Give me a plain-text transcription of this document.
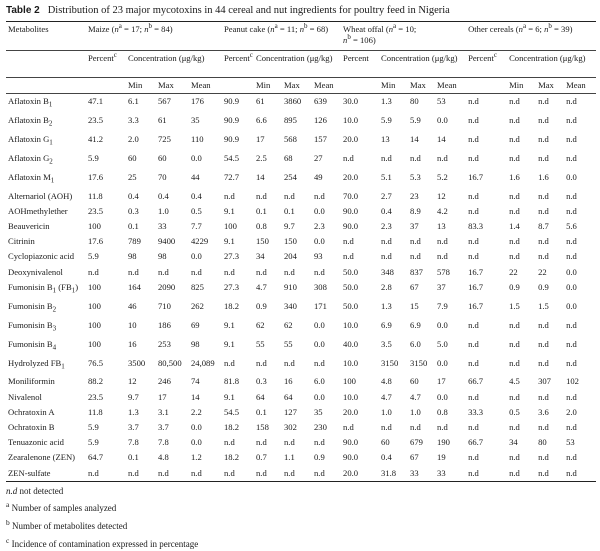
Table 2 Distribution of 23 major mycotoxins in 44 cereal and nut ingredients for poultry feed in Nigeria
Metabolites	Maize ($n^a = 17$; $n^b = 84$)				Peanut cake ($n^a = 11$; $n^b = 68$)				Wheat offal ($n^a = 10$;
$n^b = 106$)				Other cereals ($n^a = 6$; $n^b = 39$)			
	Percent$^c$	Concentration (μg/kg)			Percent$^c$	Concentration (μg/kg)			Percent	Concentration (μg/kg)			Percent$^c$	Concentration (μg/kg)		
		Min	Max	Mean		Min	Max	Mean		Min	Max	Mean		Min	Max	Mean
Aflatoxin $B_1$	47.1	6.1	567	176	90.9	61	3860	639	30.0	1.3	80	53	n.d	n.d	n.d	n.d
Aflatoxin $B_2$	23.5	3.3	61	35	90.9	6.6	895	126	10.0	5.9	5.9	0.0	n.d	n.d	n.d	n.d
Aflatoxin $G_1$	41.2	2.0	725	110	90.9	17	568	157	20.0	13	14	14	n.d	n.d	n.d	n.d
Aflatoxin $G_2$	5.9	60	60	0.0	54.5	2.5	68	27	n.d	n.d	n.d	n.d	n.d	n.d	n.d	n.d
Aflatoxin $M_1$	17.6	25	70	44	72.7	14	254	49	20.0	5.1	5.3	5.2	16.7	1.6	1.6	0.0
Alternariol (AOH)	11.8	0.4	0.4	0.4	n.d	n.d	n.d	n.d	70.0	2.7	23	12	n.d	n.d	n.d	n.d
AOHmethylether	23.5	0.3	1.0	0.5	9.1	0.1	0.1	0.0	90.0	0.4	8.9	4.2	n.d	n.d	n.d	n.d
Beauvericin	100	0.1	33	7.7	100	0.8	9.7	2.3	90.0	2.3	37	13	83.3	1.4	8.7	5.6
Citrinin	17.6	789	9400	4229	9.1	150	150	0.0	n.d	n.d	n.d	n.d	n.d	n.d	n.d	n.d
Cyclopiazonic acid	5.9	98	98	0.0	27.3	34	204	93	n.d	n.d	n.d	n.d	n.d	n.d	n.d	n.d
Deoxynivalenol	n.d	n.d	n.d	n.d	n.d	n.d	n.d	n.d	50.0	348	837	578	16.7	22	22	0.0
Fumonisin $B_1$ $(FB_1)$	100	164	2090	825	27.3	4.7	910	308	50.0	2.8	67	37	16.7	0.9	0.9	0.0
Fumonisin $B_2$	100	46	710	262	18.2	0.9	340	171	50.0	1.3	15	7.9	16.7	1.5	1.5	0.0
Fumonisin $B_3$	100	10	186	69	9.1	62	62	0.0	10.0	6.9	6.9	0.0	n.d	n.d	n.d	n.d
Fumonisin $B_4$	100	16	253	98	9.1	55	55	0.0	40.0	3.5	6.0	5.0	n.d	n.d	n.d	n.d
Hydrolyzed $FB_1$	76.5	3500	80,500	24,089	n.d	n.d	n.d	n.d	10.0	3150	3150	0.0	n.d	n.d	n.d	n.d
Moniliformin	88.2	12	246	74	81.8	0.3	16	6.0	100	4.8	60	17	66.7	4.5	307	102
Nivalenol	23.5	9.7	17	14	9.1	64	64	0.0	10.0	4.7	4.7	0.0	n.d	n.d	n.d	n.d
Ochratoxin A	11.8	1.3	3.1	2.2	54.5	0.1	127	35	20.0	1.0	1.0	0.8	33.3	0.5	3.6	2.0
Ochratoxin B	5.9	3.7	3.7	0.0	18.2	158	302	230	n.d	n.d	n.d	n.d	n.d	n.d	n.d	n.d
Tenuazonic acid	5.9	7.8	7.8	0.0	n.d	n.d	n.d	n.d	90.0	60	679	190	66.7	34	80	53
Zearalenone (ZEN)	64.7	0.1	4.8	1.2	18.2	0.7	1.1	0.9	90.0	0.4	67	19	n.d	n.d	n.d	n.d
ZEN-sulfate	n.d	n.d	n.d	n.d	n.d	n.d	n.d	n.d	20.0	31.8	33	33	n.d	n.d	n.d	n.d
n.d not detected
$^a$ Number of samples analyzed
$^b$ Number of metabolites detected
$^c$ Incidence of contamination expressed in percentage
